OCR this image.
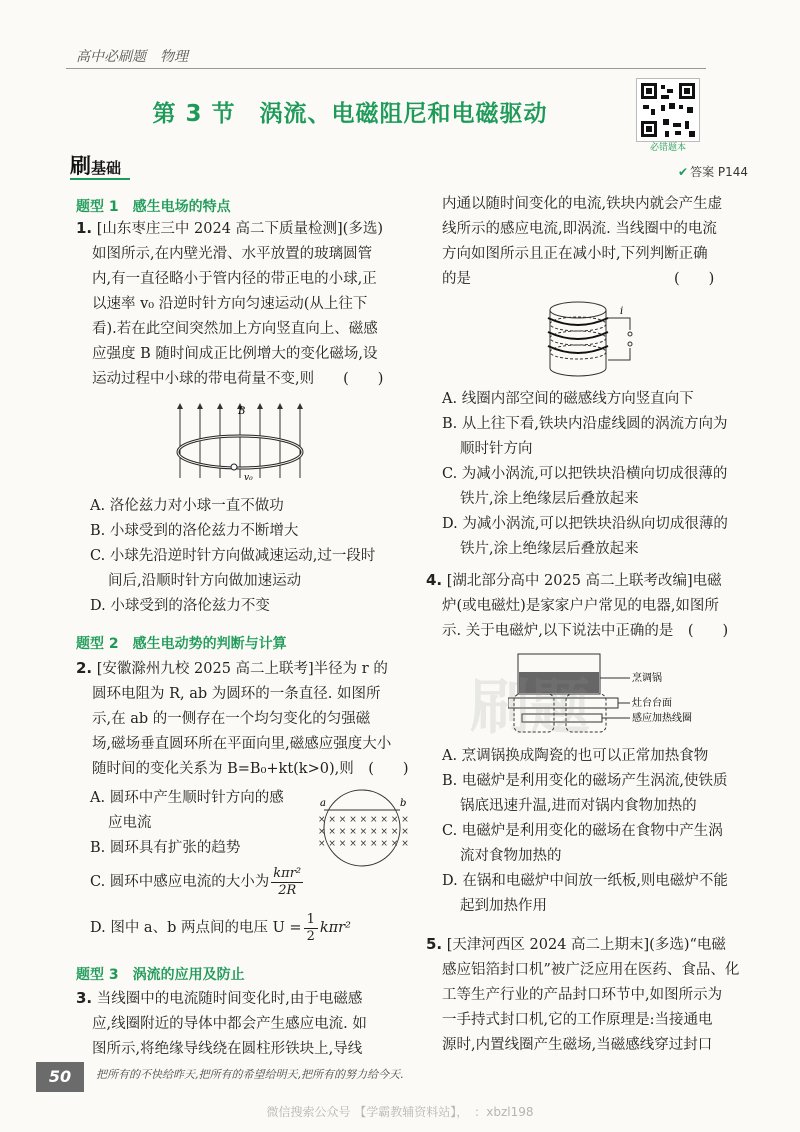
高中必刷题　 物理
第 3 节　涡流、电磁阻尼和电磁驱动
必错题本
刷基础	✔ 答案 P144
题型 1　感生电场的特点
1. [山东枣庄三中 2024 高二下质量检测](多选)
如图所示,在内壁光滑、水平放置的玻璃圆管
内,有一直径略小于管内径的带正电的小球,正
以速率 v₀ 沿逆时针方向匀速运动(从上往下
看).若在此空间突然加上方向竖直向上、磁感
应强度 B 随时间成正比例增大的变化磁场,设
运动过程中小球的带电荷量不变,则　　(　　)
B
v₀
A. 洛伦兹力对小球一直不做功
B. 小球受到的洛伦兹力不断增大
C. 小球先沿逆时针方向做减速运动,过一段时
间后,沿顺时针方向做加速运动
D. 小球受到的洛伦兹力不变
题型 2　感生电动势的判断与计算
2. [安徽滁州九校 2025 高二上联考]半径为 r 的
圆环电阻为 R, ab 为圆环的一条直径. 如图所
示,在 ab 的一侧存在一个均匀变化的匀强磁
场,磁场垂直圆环所在平面向里,磁感应强度大小
随时间的变化关系为 B=B₀+kt(k>0),则　(　　)
a	b
× × × × × × × × ×
× × × × × × × × ×
× × × × × × × × ×
A. 圆环中产生顺时针方向的感
应电流
B. 圆环具有扩张的趋势
C. 圆环中感应电流的大小为
kπr²
2R
D. 图中 a、b 两点间的电压 $U = \frac{1}{2} k\pi r^2$
题型 3　涡流的应用及防止
3. 当线圈中的电流随时间变化时,由于电磁感
应,线圈附近的导体中都会产生感应电流. 如
图所示,将绝缘导线绕在圆柱形铁块上,导线
内通以随时间变化的电流,铁块内就会产生虚
线所示的感应电流,即涡流. 当线圈中的电流
方向如图所示且正在减小时,下列判断正确
的是　　　　　　　　　　　　　　(　　)
i
A. 线圈内部空间的磁感线方向竖直向下
B. 从上往下看,铁块内沿虚线圆的涡流方向为
顺时针方向
C. 为减小涡流,可以把铁块沿横向切成很薄的
铁片,涂上绝缘层后叠放起来
D. 为减小涡流,可以把铁块沿纵向切成很薄的
铁片,涂上绝缘层后叠放起来
4. [湖北部分高中 2025 高二上联考改编]电磁
炉(或电磁灶)是家家户户常见的电器,如图所
示. 关于电磁炉,以下说法中正确的是　(　　)
烹调锅
灶台台面
感应加热线圈
刷题
A. 烹调锅换成陶瓷的也可以正常加热食物
B. 电磁炉是利用变化的磁场产生涡流,使铁质
锅底迅速升温,进而对锅内食物加热的
C. 电磁炉是利用变化的磁场在食物中产生涡
流对食物加热的
D. 在锅和电磁炉中间放一纸板,则电磁炉不能
起到加热作用
5. [天津河西区 2024 高二上期末](多选)“电磁
感应铝箔封口机”被广泛应用在医药、食品、化
工等生产行业的产品封口环节中,如图所示为
一手持式封口机,它的工作原理是:当接通电
源时,内置线圈产生磁场,当磁感线穿过封口
50	把所有的不快给昨天,把所有的希望给明天,把所有的努力给今天.
微信搜索公众号 【学霸教辅资料站】，　：xbzl198
